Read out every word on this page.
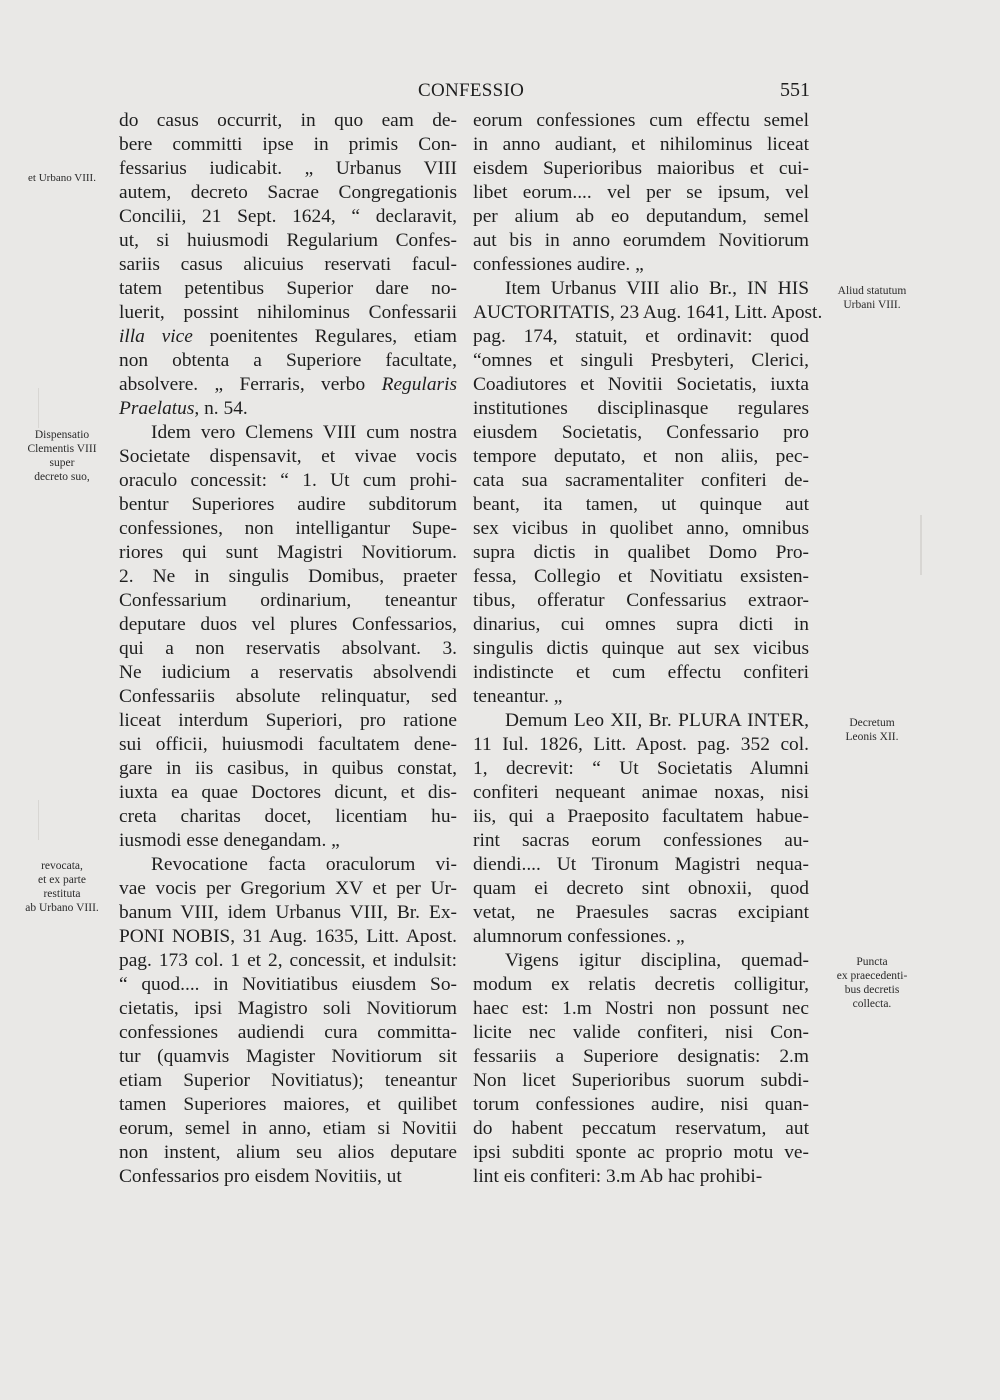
CONFESSIO	551
do casus occurrit, in quo eam de-
bere committi ipse in primis Con-
fessarius iudicabit. „ Urbanus VIII
autem, decreto Sacrae Congregationis
Concilii, 21 Sept. 1624, “ declaravit,
ut, si huiusmodi Regularium Confes-
sariis casus alicuius reservati facul-
tatem petentibus Superior dare no-
luerit, possint nihilominus Confessarii
illa vice poenitentes Regulares, etiam
non obtenta a Superiore facultate,
absolvere. „ Ferraris, verbo Regularis
Praelatus, n. 54.
Idem vero Clemens VIII cum nostra
Societate dispensavit, et vivae vocis
oraculo concessit: “ 1. Ut cum prohi-
bentur Superiores audire subditorum
confessiones, non intelligantur Supe-
riores qui sunt Magistri Novitiorum.
2. Ne in singulis Domibus, praeter
Confessarium ordinarium, teneantur
deputare duos vel plures Confessarios,
qui a non reservatis absolvant. 3.
Ne iudicium a reservatis absolvendi
Confessariis absolute relinquatur, sed
liceat interdum Superiori, pro ratione
sui officii, huiusmodi facultatem dene-
gare in iis casibus, in quibus constat,
iuxta ea quae Doctores dicunt, et dis-
creta charitas docet, licentiam hu-
iusmodi esse denegandam. „
Revocatione facta oraculorum vi-
vae vocis per Gregorium XV et per Ur-
banum VIII, idem Urbanus VIII, Br. Ex-
PONI NOBIS, 31 Aug. 1635, Litt. Apost.
pag. 173 col. 1 et 2, concessit, et indulsit:
“ quod.... in Novitiatibus eiusdem So-
cietatis, ipsi Magistro soli Novitiorum
confessiones audiendi cura committa-
tur (quamvis Magister Novitiorum sit
etiam Superior Novitiatus); teneantur
tamen Superiores maiores, et quilibet
eorum, semel in anno, etiam si Novitii
non instent, alium seu alios deputare
Confessarios pro eisdem Novitiis, ut
eorum confessiones cum effectu semel
in anno audiant, et nihilominus liceat
eisdem Superioribus maioribus et cui-
libet eorum.... vel per se ipsum, vel
per alium ab eo deputandum, semel
aut bis in anno eorumdem Novitiorum
confessiones audire. „
Item Urbanus VIII alio Br., IN HIS
AUCTORITATIS, 23 Aug. 1641, Litt. Apost.
pag. 174, statuit, et ordinavit: quod
“omnes et singuli Presbyteri, Clerici,
Coadiutores et Novitii Societatis, iuxta
institutiones disciplinasque regulares
eiusdem Societatis, Confessario pro
tempore deputato, et non aliis, pec-
cata sua sacramentaliter confiteri de-
beant, ita tamen, ut quinque aut
sex vicibus in quolibet anno, omnibus
supra dictis in qualibet Domo Pro-
fessa, Collegio et Novitiatu exsisten-
tibus, offeratur Confessarius extraor-
dinarius, cui omnes supra dicti in
singulis dictis quinque aut sex vicibus
indistincte et cum effectu confiteri
teneantur. „
Demum Leo XII, Br. PLURA INTER,
11 Iul. 1826, Litt. Apost. pag. 352 col.
1, decrevit: “ Ut Societatis Alumni
confiteri nequeant animae noxas, nisi
iis, qui a Praeposito facultatem habue-
rint sacras eorum confessiones au-
diendi.... Ut Tironum Magistri nequa-
quam ei decreto sint obnoxii, quod
vetat, ne Praesules sacras excipiant
alumnorum confessiones. „
Vigens igitur disciplina, quemad-
modum ex relatis decretis colligitur,
haec est: 1.m Nostri non possunt nec
licite nec valide confiteri, nisi Con-
fessariis a Superiore designatis: 2.m
Non licet Superioribus suorum subdi-
torum confessiones audire, nisi quan-
do habent peccatum reservatum, aut
ipsi subditi sponte ac proprio motu ve-
lint eis confiteri: 3.m Ab hac prohibi-
et Urbano VIII.
Dispensatio
Clementis VIII
super
decreto suo,
revocata,
et ex parte
restituta
ab Urbano VIII.
Aliud statutum
Urbani VIII.
Decretum
Leonis XII.
Puncta
ex praecedenti-
bus decretis
collecta.
